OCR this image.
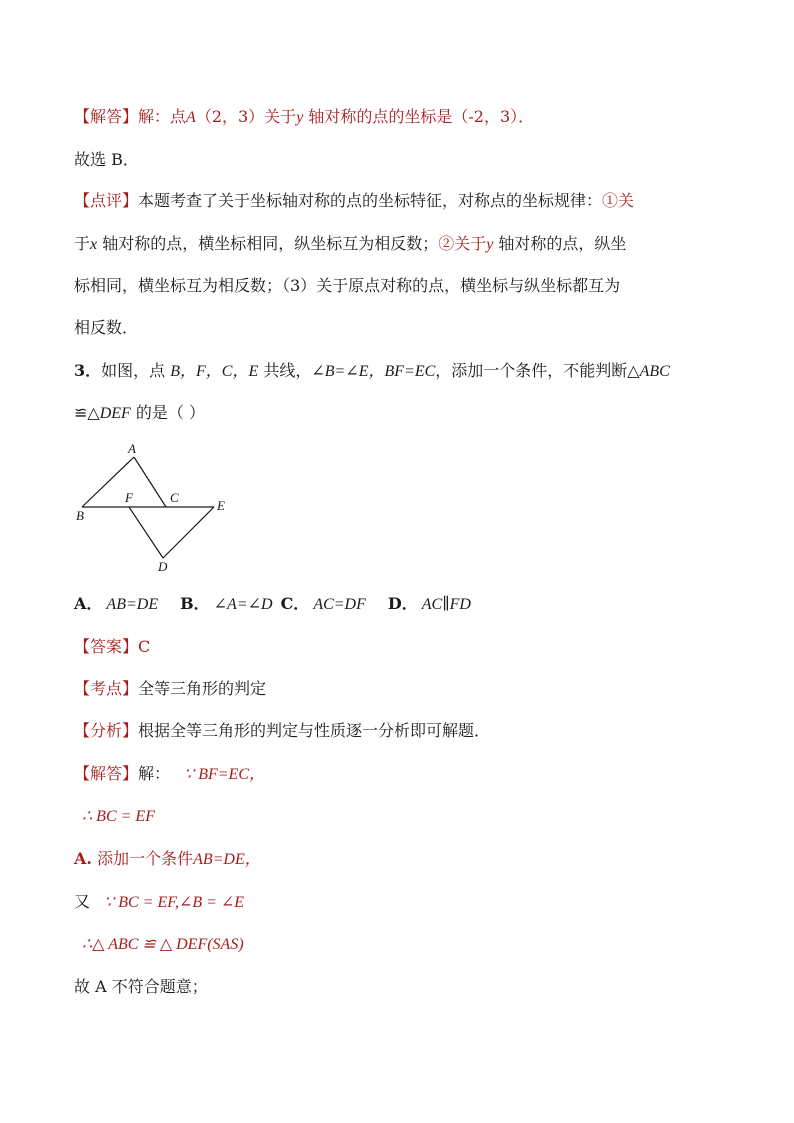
【解答】解：点A（2，3）关于y 轴对称的点的坐标是（-2，3）．
故选 B．
【点评】本题考查了关于坐标轴对称的点的坐标特征，对称点的坐标规律：①关
于x 轴对称的点，横坐标相同，纵坐标互为相反数；②关于y 轴对称的点，纵坐
标相同，横坐标互为相反数；（3）关于原点对称的点，横坐标与纵坐标都互为
相反数．
3．如图，点 B，F，C，E 共线，∠B=∠E，BF=EC，添加一个条件，不能判断△ABC
≌△DEF 的是（ ）
A
B
F	C
E
D
A． AB=DE B． ∠A=∠D C． AC=DF D． AC∥FD
【答案】C
【考点】全等三角形的判定
【分析】根据全等三角形的判定与性质逐一分析即可解题．
【解答】解： ∵ BF=EC，
∴ BC = EF
A. 添加一个条件AB=DE，
又 ∵ BC = EF,∠B = ∠E
∴△ ABC ≌ △ DEF(SAS)
故 A 不符合题意；
